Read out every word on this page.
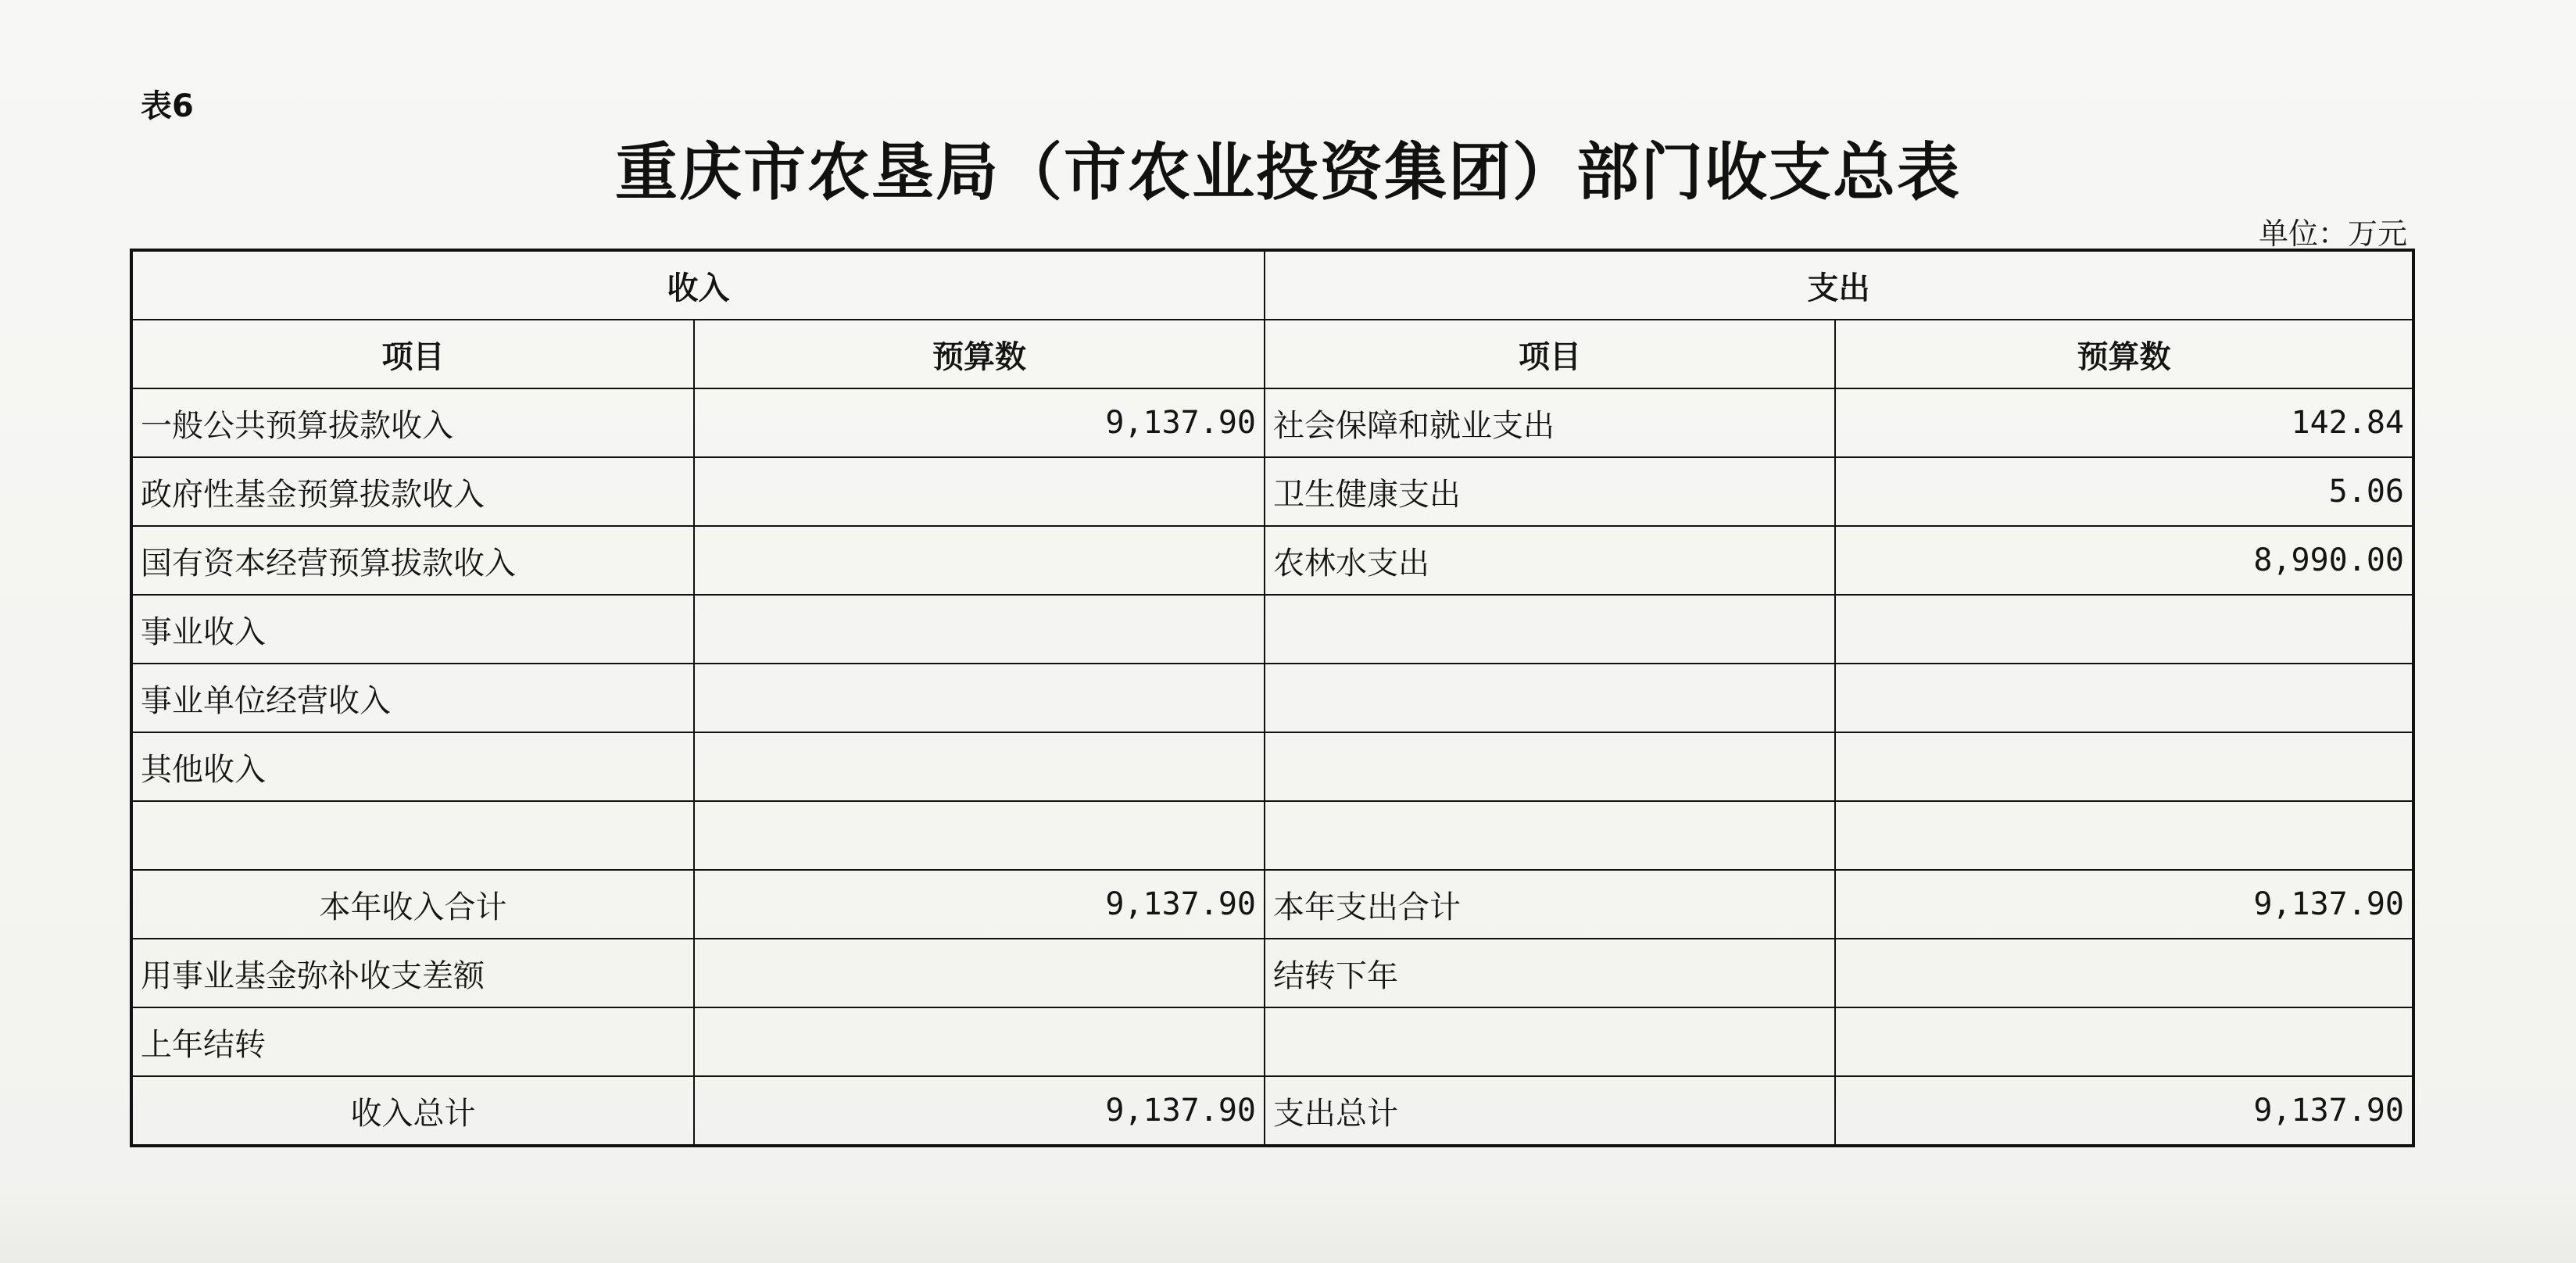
表6
重庆市农垦局（市农业投资集团）部门收支总表
单位：万元
收入		支出	
项目	预算数	项目	预算数
一般公共预算拔款收入	9,137.90	社会保障和就业支出	142.84
政府性基金预算拔款收入		卫生健康支出	5.06
国有资本经营预算拔款收入		农林水支出	8,990.00
事业收入			
事业单位经营收入			
其他收入			

本年收入合计	9,137.90	本年支出合计	9,137.90
用事业基金弥补收支差额		结转下年	
上年结转			
收入总计	9,137.90	支出总计	9,137.90
